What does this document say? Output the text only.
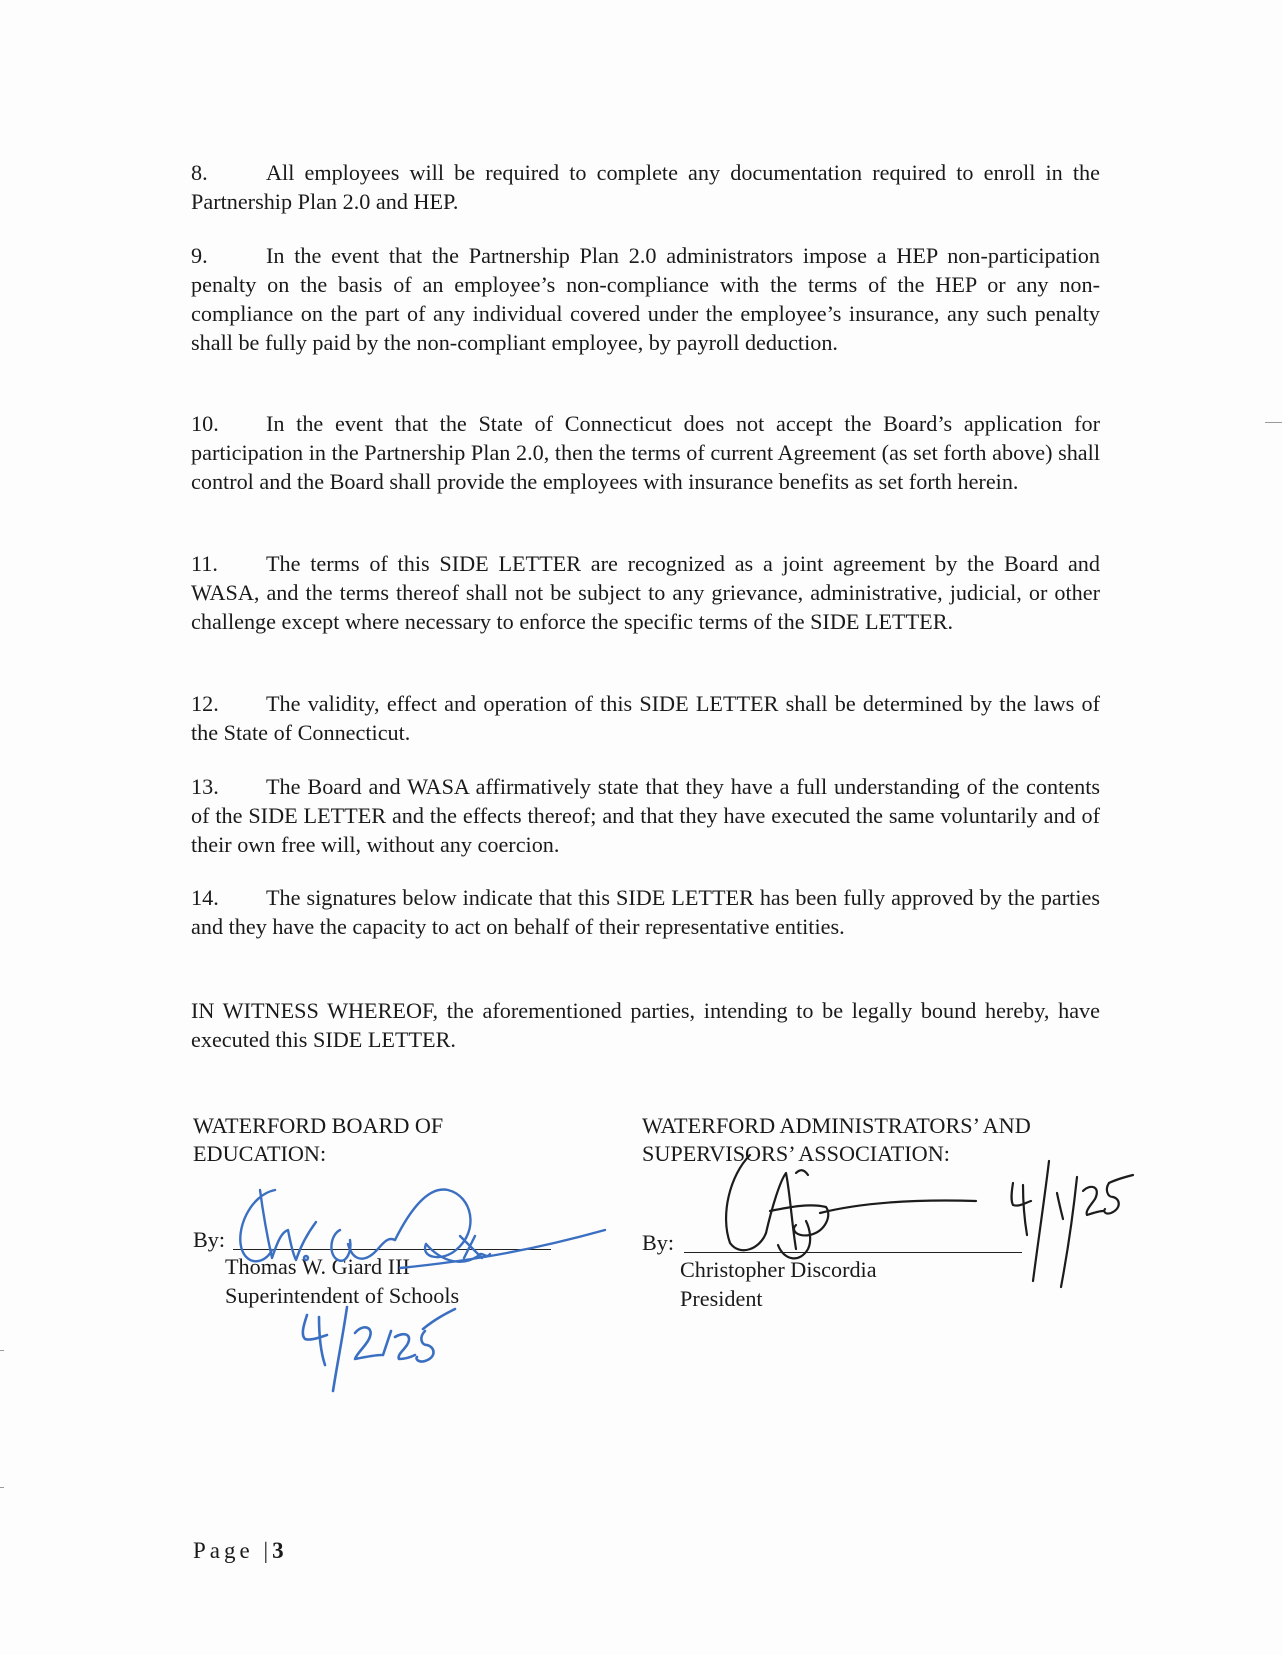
8.	All employees will be required to complete any documentation required to enroll in the Partnership Plan 2.0 and HEP.

9.	In the event that the Partnership Plan 2.0 administrators impose a HEP non-participation penalty on the basis of an employee’s non-compliance with the terms of the HEP or any non-compliance on the part of any individual covered under the employee’s insurance, any such penalty shall be fully paid by the non-compliant employee, by payroll deduction.

10. In the event that the State of Connecticut does not accept the Board’s application for participation in the Partnership Plan 2.0, then the terms of current Agreement (as set forth above) shall control and the Board shall provide the employees with insurance benefits as set forth herein.

11. The terms of this SIDE LETTER are recognized as a joint agreement by the Board and WASA, and the terms thereof shall not be subject to any grievance, administrative, judicial, or other challenge except where necessary to enforce the specific terms of the SIDE LETTER.

12. The validity, effect and operation of this SIDE LETTER shall be determined by the laws of the State of Connecticut.

13. The Board and WASA affirmatively state that they have a full understanding of the contents of the SIDE LETTER and the effects thereof; and that they have executed the same voluntarily and of their own free will, without any coercion.

14. The signatures below indicate that this SIDE LETTER has been fully approved by the parties and they have the capacity to act on behalf of their representative entities.

IN WITNESS WHEREOF, the aforementioned parties, intending to be legally bound hereby, have executed this SIDE LETTER.

WATERFORD BOARD OF

EDUCATION:

By:
Thomas W. Giard III
Superintendent of Schools

WATERFORD ADMINISTRATORS’ AND

SUPERVISORS’ ASSOCIATION:

By:
Christopher Discordia
President
Page |3
